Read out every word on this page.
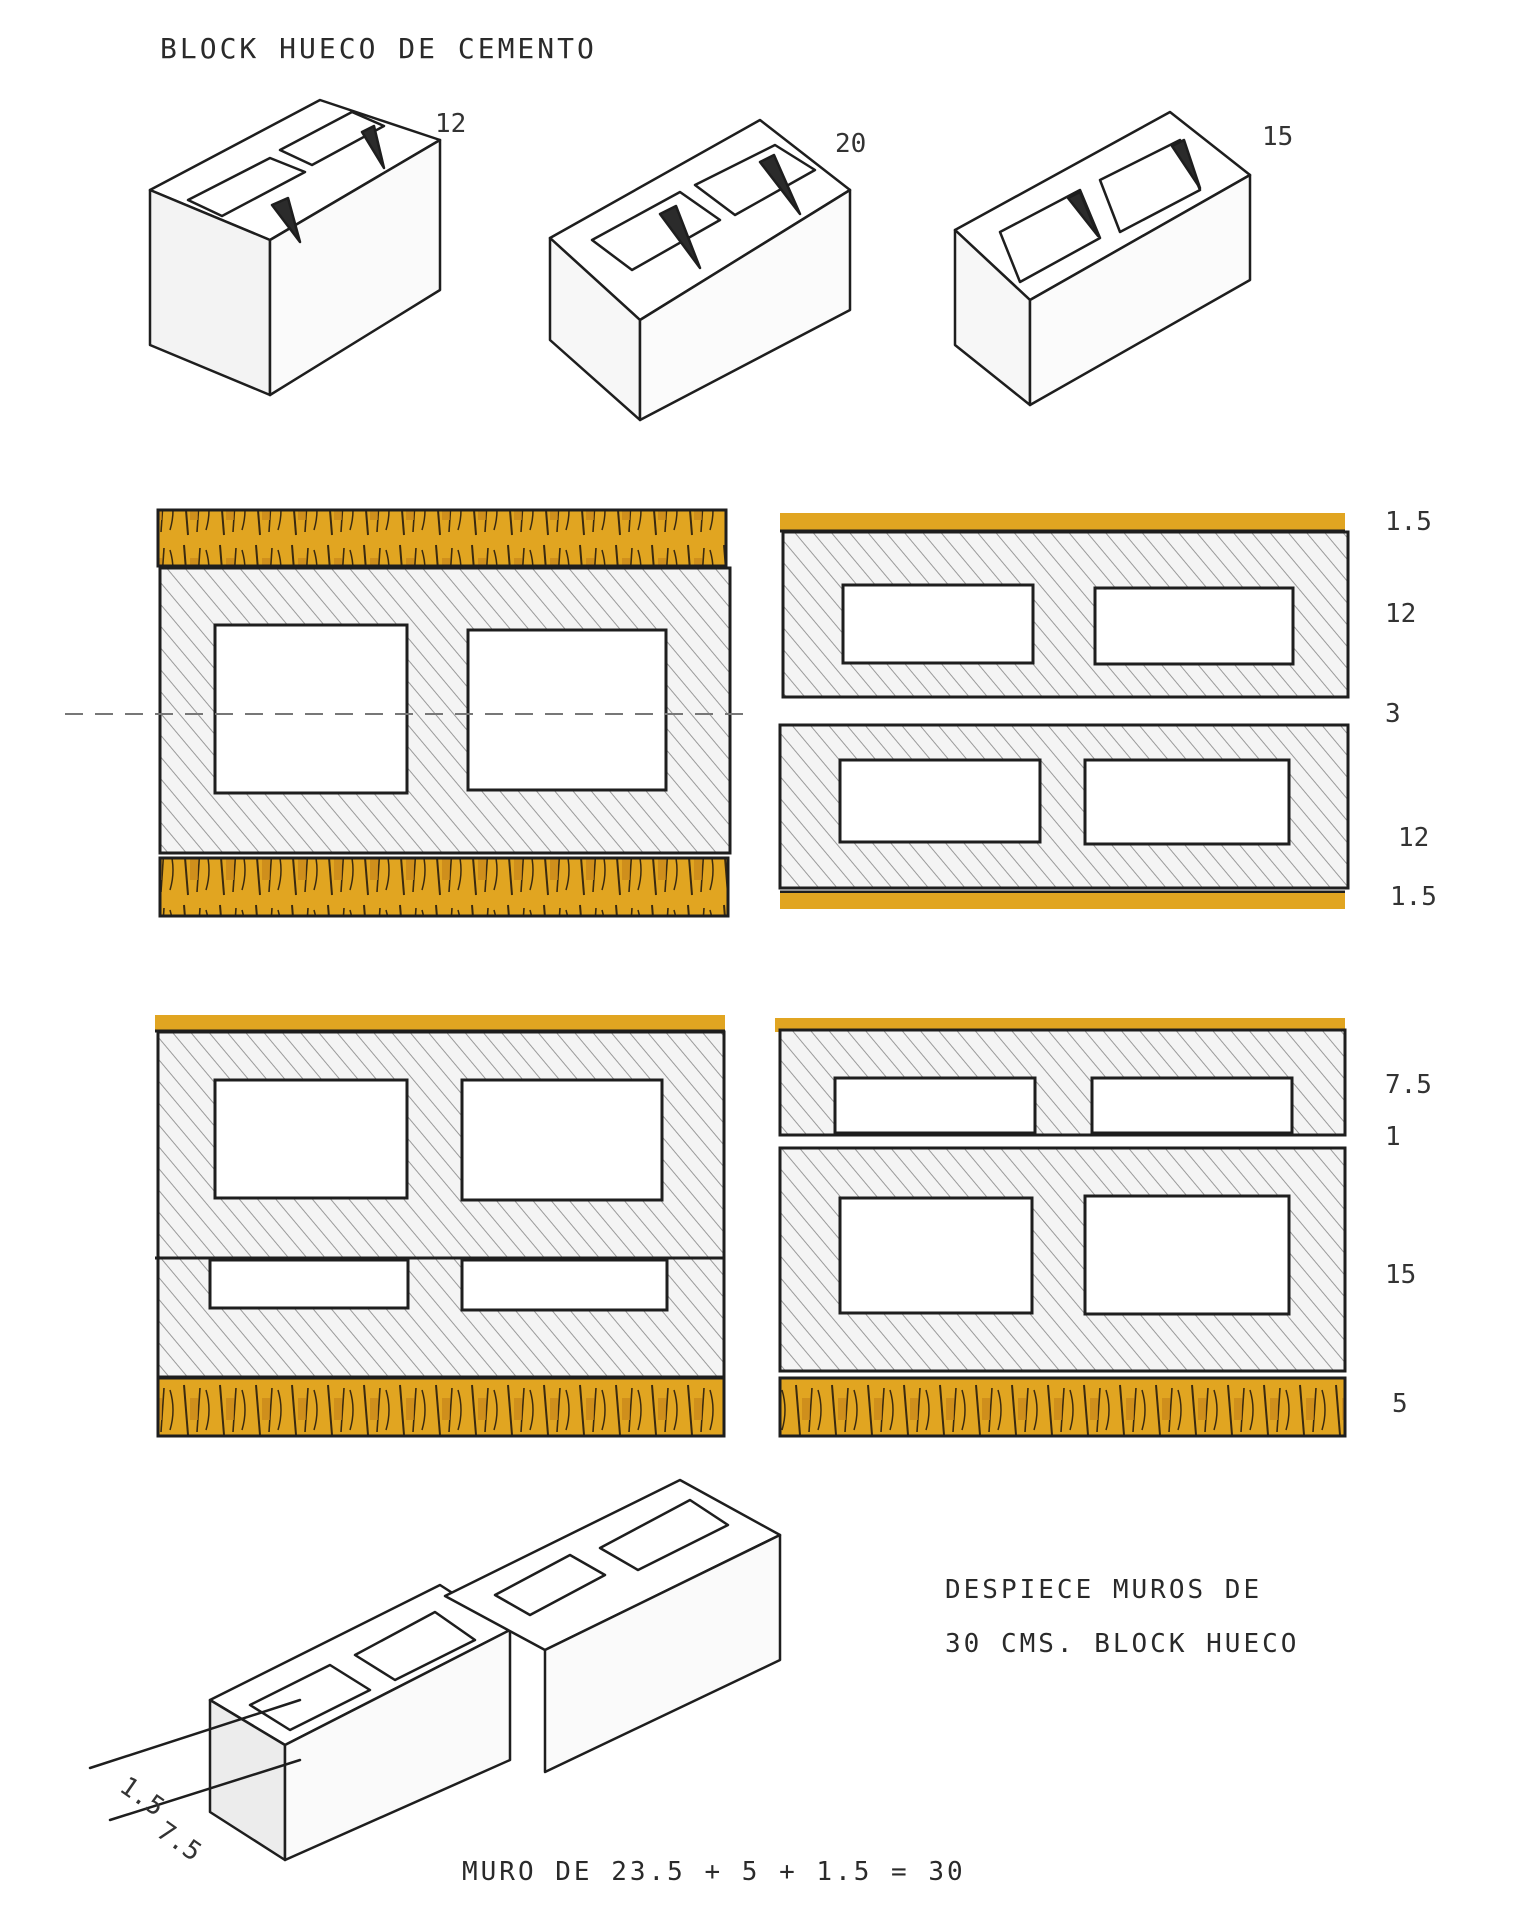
BLOCK HUECO DE CEMENTO
12
20	15
1.5
12
3
12
1.5
7.5
1
15
5
1.5
7.5
DESPIECE MUROS DE
30 CMS. BLOCK HUECO
MURO DE 23.5 + 5 + 1.5 = 30
